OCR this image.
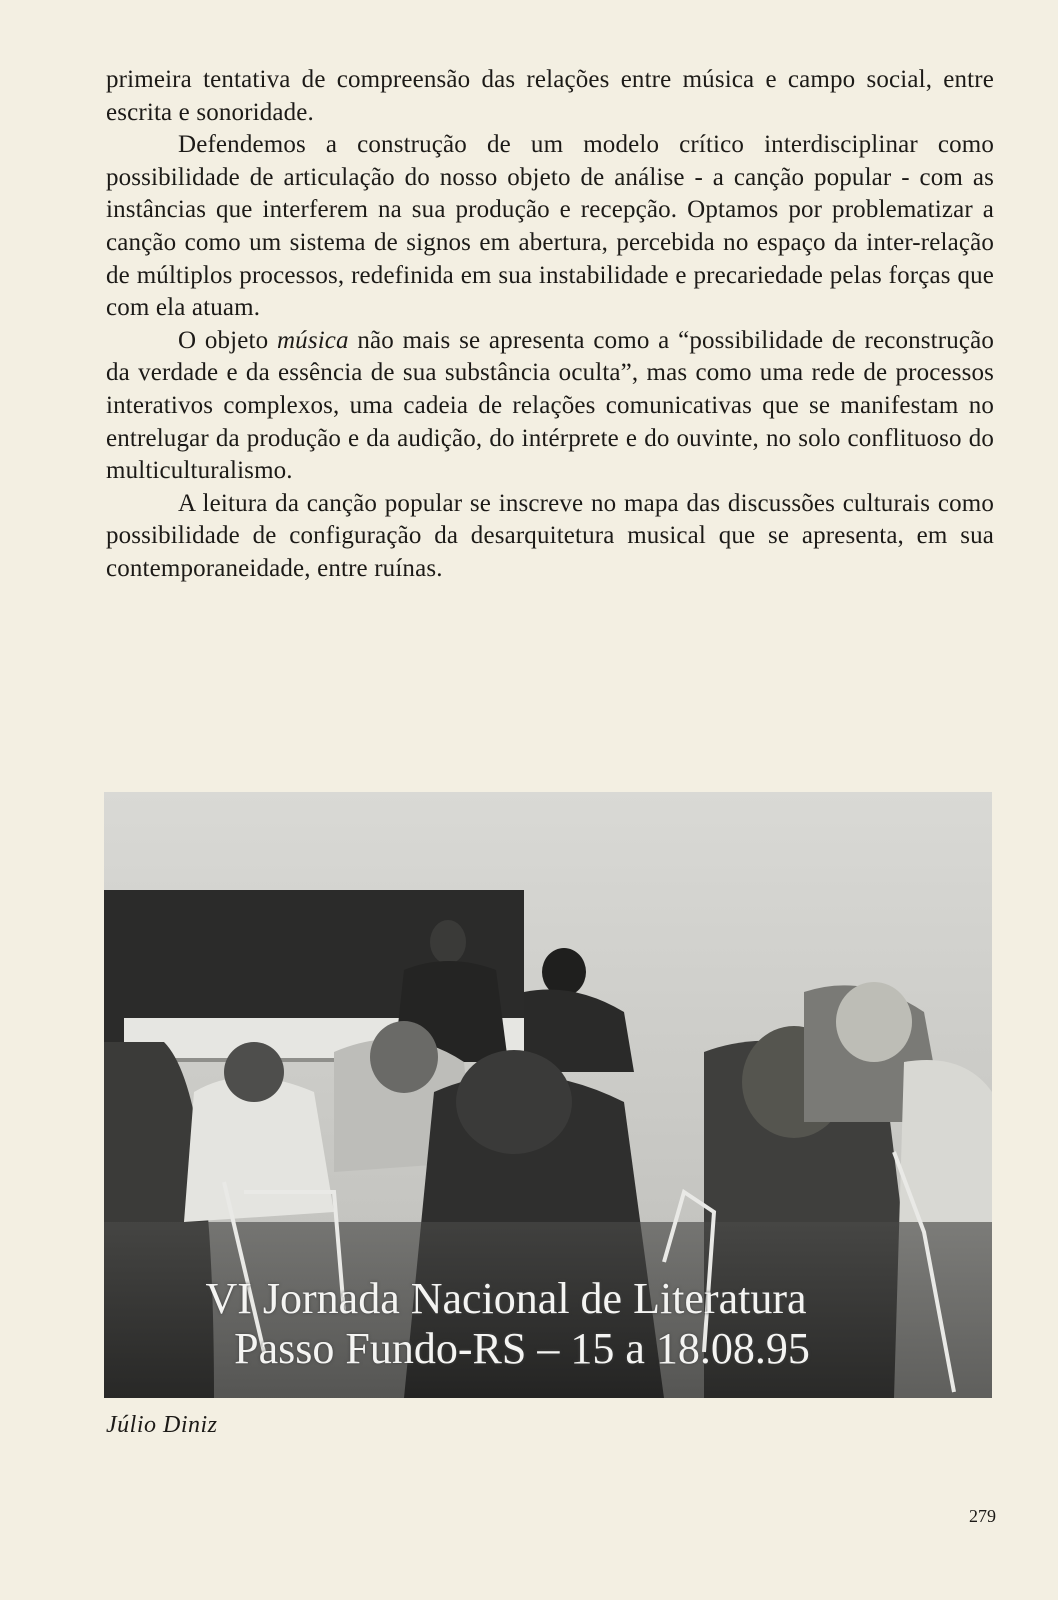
primeira tentativa de compreensão das relações entre música e campo social, entre escrita e sonoridade.

Defendemos a construção de um modelo crítico interdisciplinar como possibilidade de articulação do nosso objeto de análise - a canção popular - com as instâncias que interferem na sua produção e recepção. Optamos por problematizar a canção como um sistema de signos em abertura, percebida no espaço da inter-relação de múltiplos processos, redefinida em sua instabilidade e precariedade pelas forças que com ela atuam.

O objeto música não mais se apresenta como a “possibilidade de reconstrução da verdade e da essência de sua substância oculta”, mas como uma rede de processos interativos complexos, uma cadeia de relações comunicativas que se manifestam no entrelugar da produção e da audição, do intérprete e do ouvinte, no solo conflituoso do multiculturalismo.

A leitura da canção popular se inscreve no mapa das discussões culturais como possibilidade de configuração da desarquitetura musical que se apresenta, em sua contemporaneidade, entre ruínas.

VI Jornada Nacional de Literatura
Passo Fundo-RS – 15 a 18.08.95
Júlio Diniz
279
